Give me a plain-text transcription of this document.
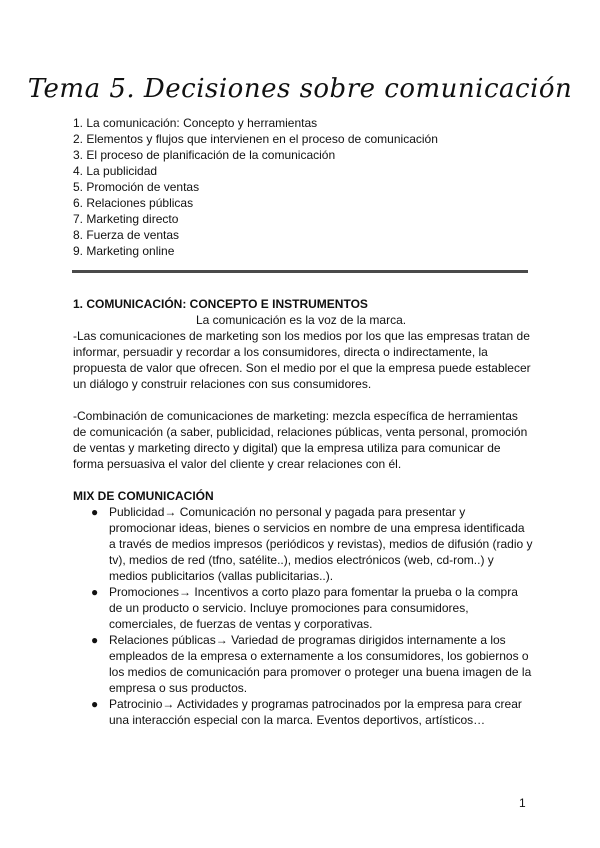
Tema 5. Decisiones sobre comunicación
1. La comunicación: Concepto y herramientas
2. Elementos y flujos que intervienen en el proceso de comunicación
3. El proceso de planificación de la comunicación
4. La publicidad
5. Promoción de ventas
6. Relaciones públicas
7. Marketing directo
8. Fuerza de ventas
9. Marketing online
1. COMUNICACIÓN: CONCEPTO E INSTRUMENTOS
La comunicación es la voz de la marca.

-Las comunicaciones de marketing son los medios por los que las empresas tratan de informar, persuadir y recordar a los consumidores, directa o indirectamente, la propuesta de valor que ofrecen. Son el medio por el que la empresa puede establecer un diálogo y construir relaciones con sus consumidores.

-Combinación de comunicaciones de marketing: mezcla específica de herramientas de comunicación (a saber, publicidad, relaciones públicas, venta personal, promoción de ventas y marketing directo y digital) que la empresa utiliza para comunicar de forma persuasiva el valor del cliente y crear relaciones con él.

MIX DE COMUNICACIÓN
● Publicidad→ Comunicación no personal y pagada para presentar y promocionar ideas, bienes o servicios en nombre de una empresa identificada a través de medios impresos (periódicos y revistas), medios de difusión (radio y tv), medios de red (tfno, satélite..), medios electrónicos (web, cd-rom..) y medios publicitarios (vallas publicitarias..).
● Promociones→ Incentivos a corto plazo para fomentar la prueba o la compra de un producto o servicio. Incluye promociones para consumidores, comerciales, de fuerzas de ventas y corporativas.
● Relaciones públicas→ Variedad de programas dirigidos internamente a los empleados de la empresa o externamente a los consumidores, los gobiernos o los medios de comunicación para promover o proteger una buena imagen de la empresa o sus productos.
● Patrocinio→ Actividades y programas patrocinados por la empresa para crear una interacción especial con la marca. Eventos deportivos, artísticos…
1
